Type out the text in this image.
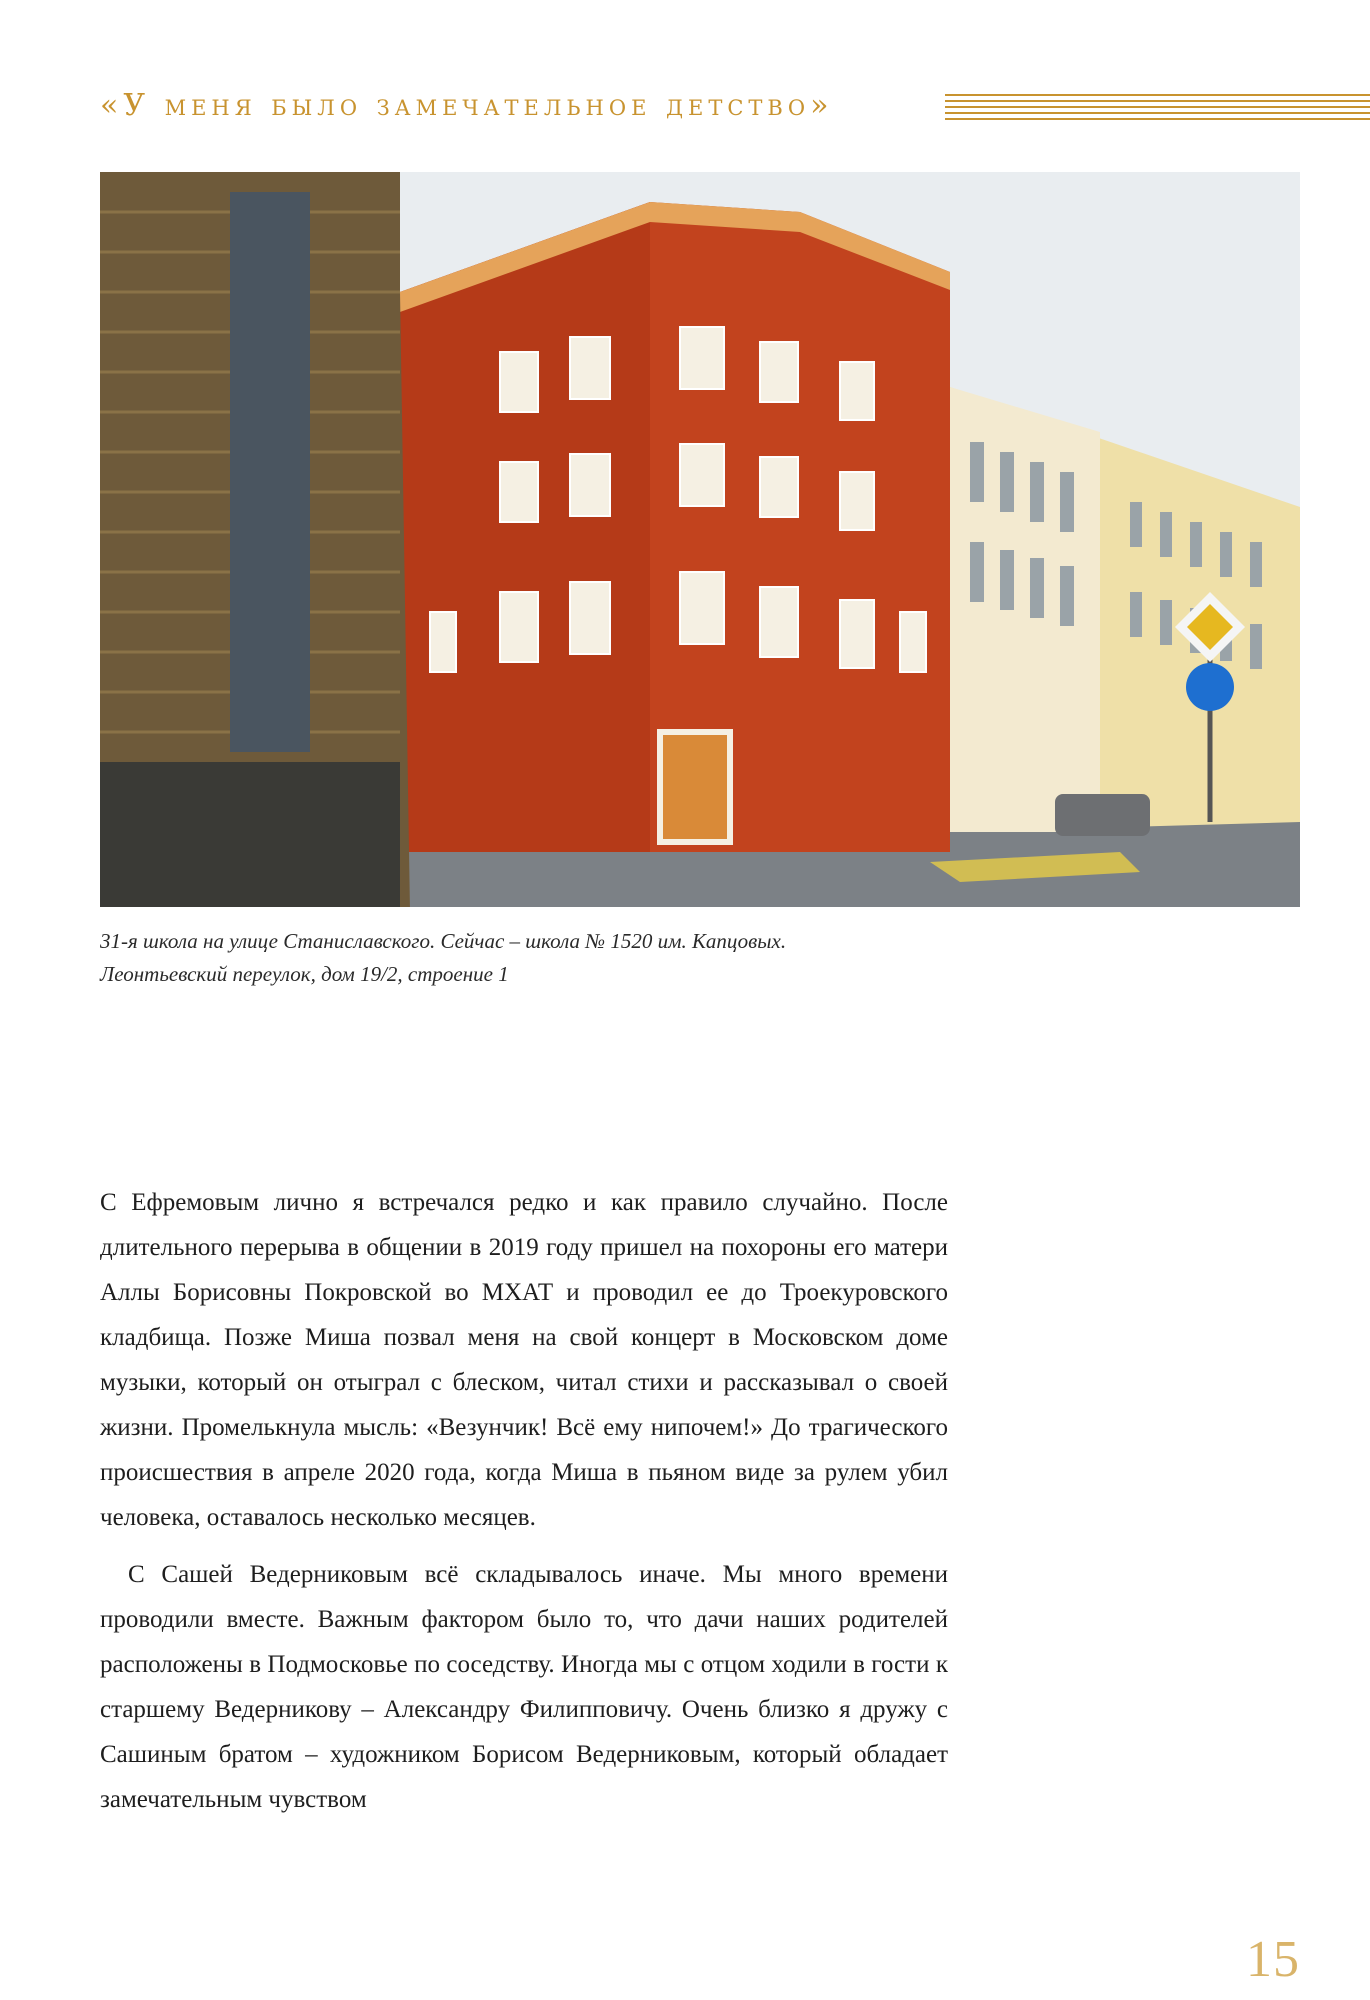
«У меня было замечательное детство»

31-я школа на улице Станиславского. Сейчас – школа № 1520 им. Капцовых.

Леонтьевский переулок, дом 19/2, строение 1

С Ефремовым лично я встречался редко и как правило случайно. После длительного перерыва в общении в 2019 году пришел на похороны его матери Аллы Борисовны Покровской во МХАТ и проводил ее до Троекуровского кладбища. Позже Миша позвал меня на свой концерт в Московском доме музыки, который он отыграл с блеском, читал стихи и рассказывал о своей жизни. Промелькнула мысль: «Везунчик! Всё ему нипочем!» До трагического происшествия в апреле 2020 года, когда Миша в пьяном виде за рулем убил человека, оставалось несколько месяцев.

С Сашей Ведерниковым всё складывалось иначе. Мы много времени проводили вместе. Важным фактором было то, что дачи наших родителей расположены в Подмосковье по соседству. Иногда мы с отцом ходили в гости к старшему Ведерникову – Александру Филипповичу. Очень близко я дружу с Сашиным братом – художником Борисом Ведерниковым, который обладает замечательным чувством

15
